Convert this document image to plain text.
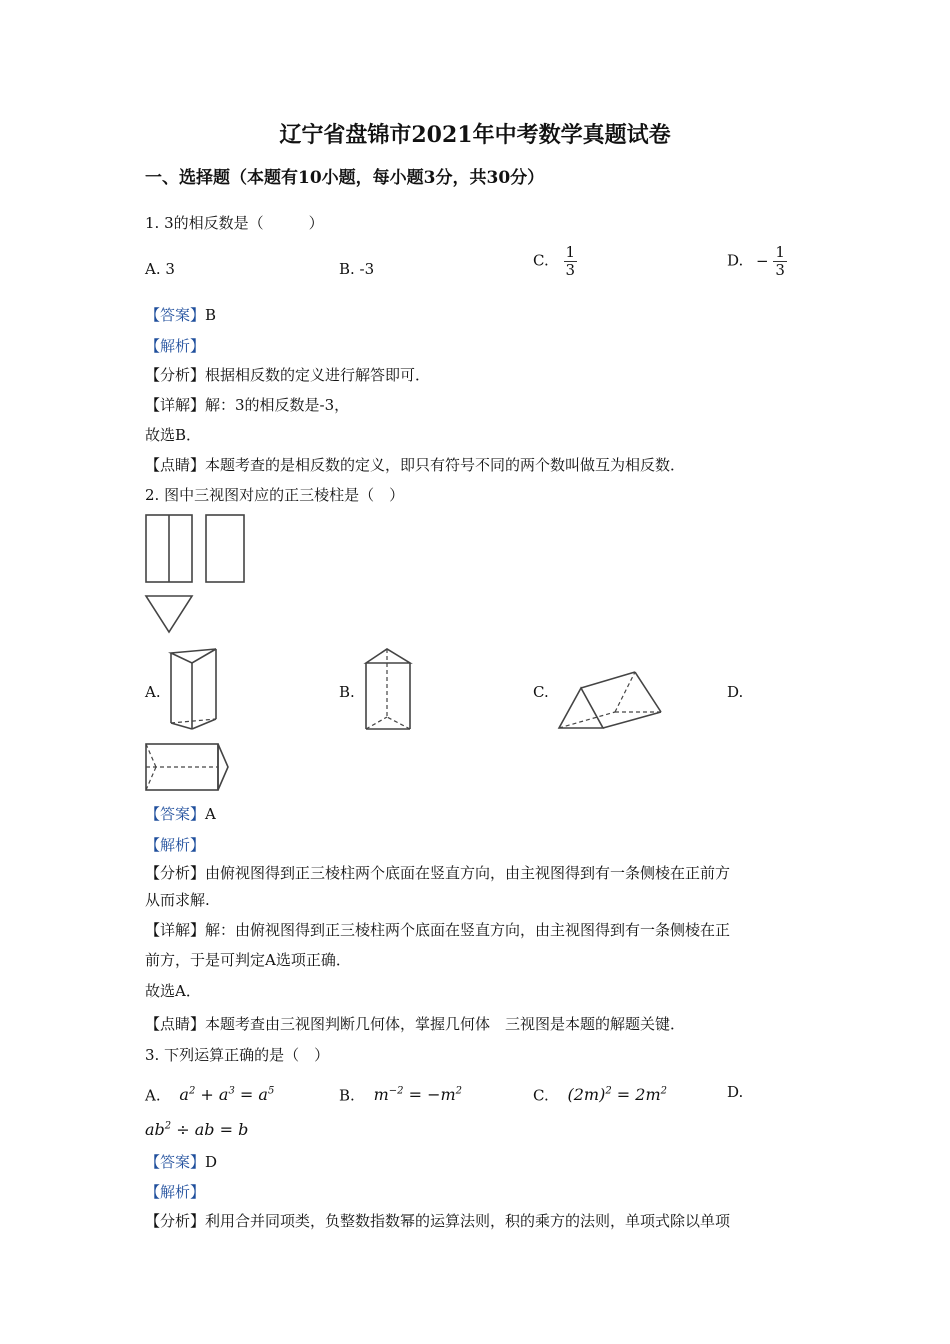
辽宁省盘锦市2021年中考数学真题试卷
一、选择题（本题有10小题，每小题3分，共30分）
1. 3的相反数是（　　　）
A. 3	B. -3	C. $\frac{1}{3}$	D. − $\frac{1}{3}$
【答案】B
【解析】
【分析】根据相反数的定义进行解答即可．
【详解】解：3的相反数是-3，
故选B．
【点睛】本题考查的是相反数的定义，即只有符号不同的两个数叫做互为相反数．
2. 图中三视图对应的正三棱柱是（　）
A.	B.	C.	D.
【答案】A
【解析】
【分析】由俯视图得到正三棱柱两个底面在竖直方向，由主视图得到有一条侧棱在正前方
从而求解.
【详解】解：由俯视图得到正三棱柱两个底面在竖直方向，由主视图得到有一条侧棱在正
前方，于是可判定A选项正确．
故选A．
【点睛】本题考查由三视图判断几何体，掌握几何体　三视图是本题的解题关键．
3. 下列运算正确的是（　）
A. $a^2 + a^3 = a^5$	B. $m^{-2} = -m^2$	C. $(2m)^2 = 2m^2$	D.
$ab^2$ ÷ ab = b
【答案】D
【解析】
【分析】利用合并同项类，负整数指数幂的运算法则，积的乘方的法则，单项式除以单项
